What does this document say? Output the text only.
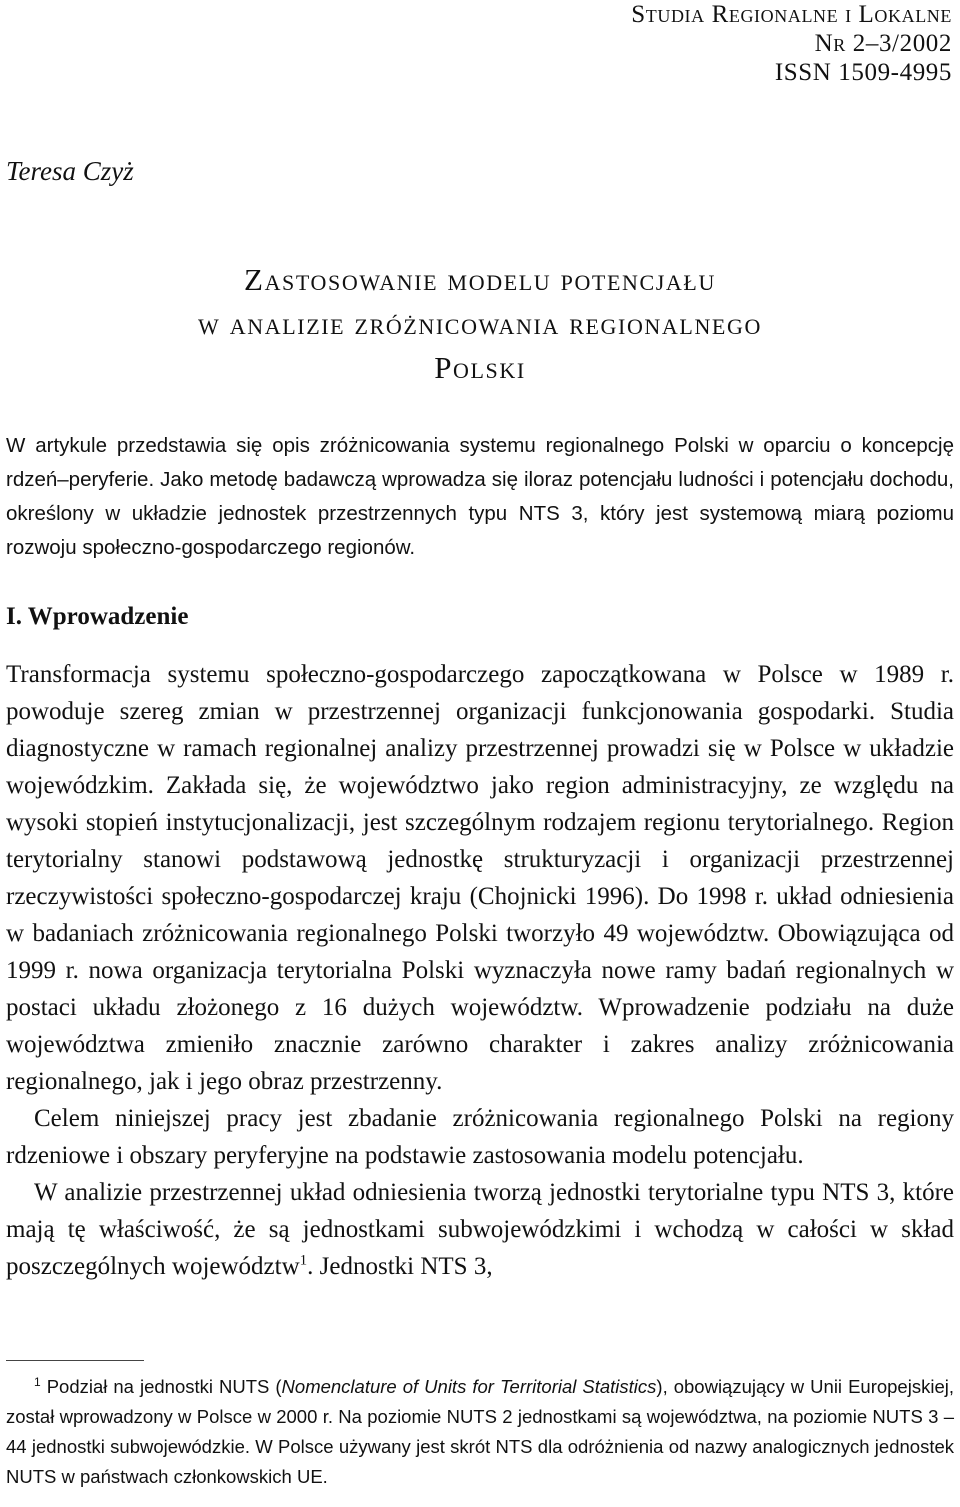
Studia Regionalne i Lokalne
Nr 2–3/2002
ISSN 1509-4995
Teresa Czyż
Zastosowanie modelu potencjału
w analizie zróżnicowania regionalnego
Polski
W artykule przedstawia się opis zróżnicowania systemu regionalnego Polski w oparciu o koncepcję rdzeń–peryferie. Jako metodę badawczą wprowadza się iloraz potencjału ludności i potencjału dochodu, określony w układzie jednostek przestrzennych typu NTS 3, który jest systemową miarą poziomu rozwoju społeczno-gospodarczego regionów.
I. Wprowadzenie

Transformacja systemu społeczno-gospodarczego zapoczątkowana w Polsce w 1989 r. powoduje szereg zmian w przestrzennej organizacji funkcjonowania gospodarki. Studia diagnostyczne w ramach regionalnej analizy przestrzennej prowadzi się w Polsce w układzie wojewódzkim. Zakłada się, że województwo jako region administracyjny, ze względu na wysoki stopień instytucjonalizacji, jest szczególnym rodzajem regionu terytorialnego. Region terytorialny stanowi podstawową jednostkę strukturyzacji i organizacji przestrzennej rzeczywistości społeczno-gospodarczej kraju (Chojnicki 1996). Do 1998 r. układ odniesienia w badaniach zróżnicowania regionalnego Polski tworzyło 49 województw. Obowiązująca od 1999 r. nowa organizacja terytorialna Polski wyznaczyła nowe ramy badań regionalnych w postaci układu złożonego z 16 dużych województw. Wprowadzenie podziału na duże województwa zmieniło znacznie zarówno charakter i zakres analizy zróżnicowania regionalnego, jak i jego obraz przestrzenny.

Celem niniejszej pracy jest zbadanie zróżnicowania regionalnego Polski na regiony rdzeniowe i obszary peryferyjne na podstawie zastosowania modelu potencjału.

W analizie przestrzennej układ odniesienia tworzą jednostki terytorialne typu NTS 3, które mają tę właściwość, że są jednostkami subwojewódzkimi i wchodzą w całości w skład poszczególnych województw$^1$. Jednostki NTS 3,

$^1$ Podział na jednostki NUTS (Nomenclature of Units for Territorial Statistics), obowiązujący w Unii Europejskiej, został wprowadzony w Polsce w 2000 r. Na poziomie NUTS 2 jednostkami są województwa, na poziomie NUTS 3 – 44 jednostki subwojewódzkie. W Polsce używany jest skrót NTS dla odróżnienia od nazwy analogicznych jednostek NUTS w państwach członkowskich UE.
